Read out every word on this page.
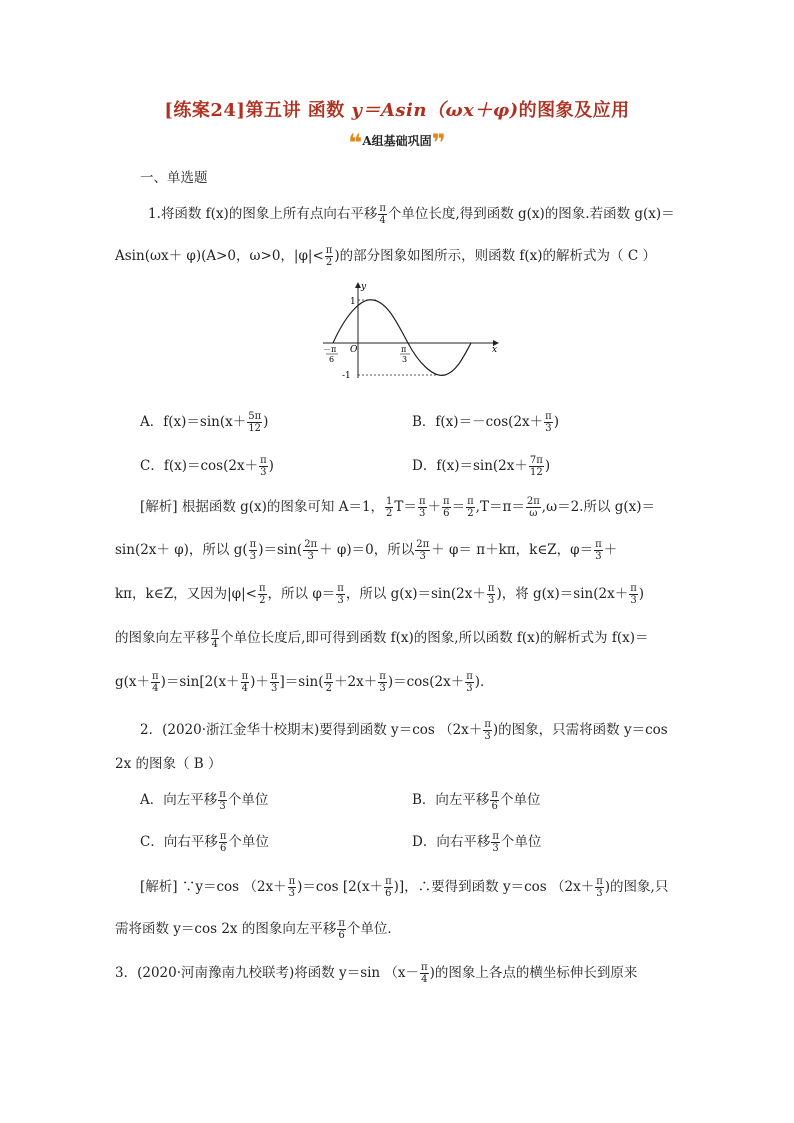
[练案24]第五讲 函数 y＝Asin（ωx＋φ)的图象及应用
❝A组基础巩固❞
一、单选题
1.将函数 f(x)的图象上所有点向右平移 $\frac{\pi}{4}$ 个单位长度,得到函数 g(x)的图象.若函数 g(x)＝
Asin(ωx＋ φ)(A>0，ω>0，$|\varphi|< \frac{\pi}{2}$ )的部分图象如图所示，则函数 f(x)的解析式为（ C ）
1
-1
O	x
y
－π
6
π
3
A．$f(x)=\sin(x+ \frac{5\pi}{12}$ )	B．$f(x)=-\cos(2x+ \frac{\pi}{3}$ )
C．$f(x)=\cos(2x+ \frac{\pi}{3}$ )	D．$f(x)=\sin(2x+ \frac{7\pi}{12}$ )
[解析] 根据函数 g(x)的图象可知 A＝1， $\frac{1}{2} T= \frac{\pi}{3} + \frac{\pi}{6} = \frac{\pi}{2} ,T=\pi= \frac{2\pi}{\omega} ,\omega=2$.所以 g(x)＝
sin(2x＋ φ)，所以 $g( \frac{\pi}{3} )=\sin( \frac{2\pi}{3} + \varphi)=0$，所以 $\frac{2\pi}{3} + \varphi= \pi+k\pi$，k∈Z，$\varphi= \frac{\pi}{3}$ ＋
kπ，k∈Z，又因为$|\varphi|< \frac{\pi}{2}$ ，所以 $\varphi= \frac{\pi}{3}$ ，所以 $g(x)=\sin(2x+ \frac{\pi}{3}$ )，将 $g(x)=\sin(2x+ \frac{\pi}{3}$ )
的图象向左平移 $\frac{\pi}{4}$ 个单位长度后,即可得到函数 f(x)的图象,所以函数 f(x)的解析式为 f(x)＝
$g(x+ \frac{\pi}{4} )=\sin[2(x+ \frac{\pi}{4}$ )＋ $\frac{\pi}{3} ]=\sin( \frac{\pi}{2} +2x+ \frac{\pi}{3} )=\cos(2x+ \frac{\pi}{3}$ )．
2．(2020·浙江金华十校期末)要得到函数 y＝cos （$2x+ \frac{\pi}{3}$ )的图象，只需将函数 y＝cos
2x 的图象（ B ）
A．向左平移 $\frac{\pi}{3}$ 个单位	B．向左平移 $\frac{\pi}{6}$ 个单位
C．向右平移 $\frac{\pi}{6}$ 个单位	D．向右平移 $\frac{\pi}{3}$ 个单位
[解析] ∵y＝cos $(2x+ \frac{\pi}{3} )=\cos$ [$2(x+ \frac{\pi}{6}$ )]，∴要得到函数 y＝cos （$2x+ \frac{\pi}{3}$ )的图象,只
需将函数 y＝cos 2x 的图象向左平移 $\frac{\pi}{6}$ 个单位．
3．(2020·河南豫南九校联考)将函数 y＝sin （$x- \frac{\pi}{4}$ )的图象上各点的横坐标伸长到原来
